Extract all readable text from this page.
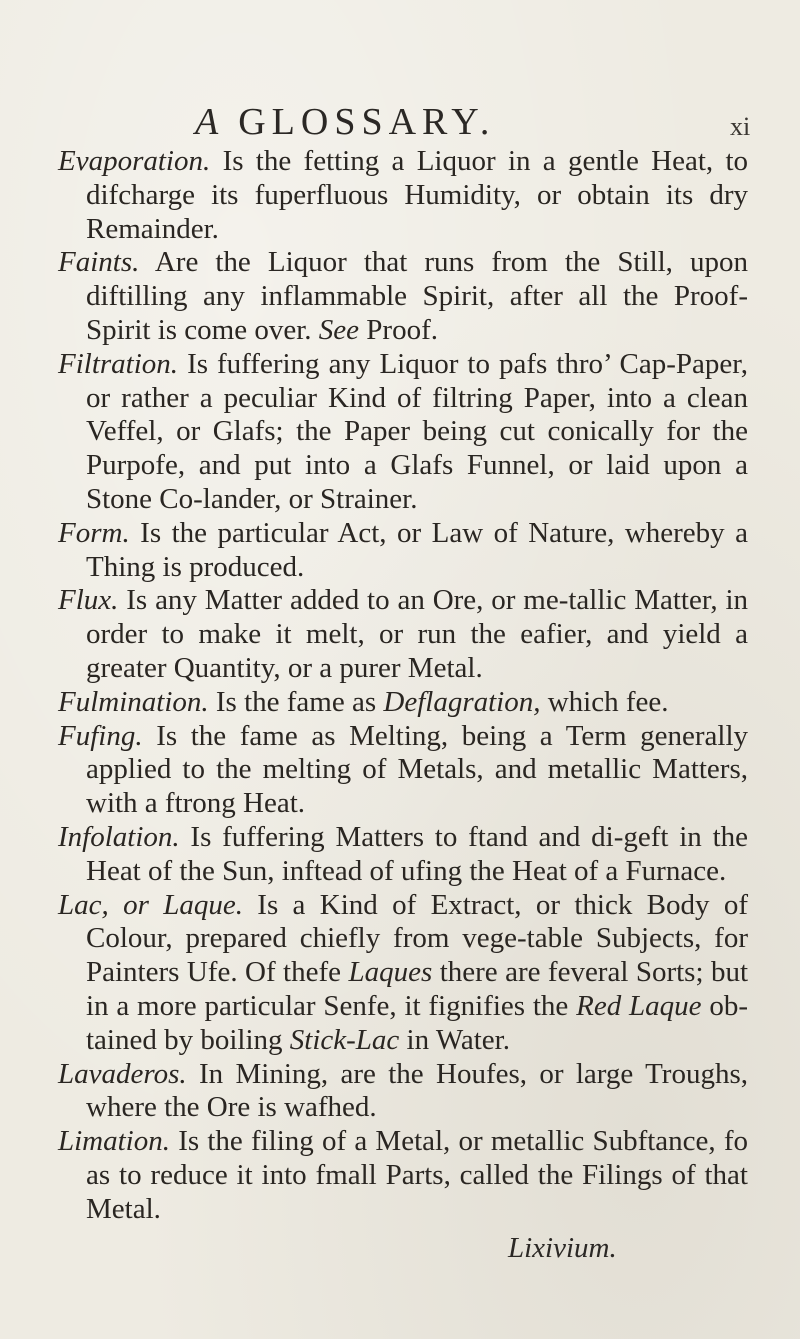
A GLOSSARY.	xi

Evaporation. Is the fetting a Liquor in a gentle Heat, to difcharge its fuperfluous Humidity, or obtain its dry Remainder.

Faints. Are the Liquor that runs from the Still, upon diftilling any inflammable Spirit, after all the Proof-Spirit is come over. See Proof.

Filtration. Is fuffering any Liquor to pafs thro’ Cap-Paper, or rather a peculiar Kind of filtring Paper, into a clean Veffel, or Glafs; the Paper being cut conically for the Purpofe, and put into a Glafs Funnel, or laid upon a Stone Co-lander, or Strainer.

Form. Is the particular Act, or Law of Nature, whereby a Thing is produced.

Flux. Is any Matter added to an Ore, or me-tallic Matter, in order to make it melt, or run the eafier, and yield a greater Quantity, or a purer Metal.

Fulmination. Is the fame as Deflagration, which fee.

Fufing. Is the fame as Melting, being a Term generally applied to the melting of Metals, and metallic Matters, with a ftrong Heat.

Infolation. Is fuffering Matters to ftand and di-geft in the Heat of the Sun, inftead of ufing the Heat of a Furnace.

Lac, or Laque. Is a Kind of Extract, or thick Body of Colour, prepared chiefly from vege-table Subjects, for Painters Ufe. Of thefe Laques there are feveral Sorts; but in a more particular Senfe, it fignifies the Red Laque ob-tained by boiling Stick-Lac in Water.

Lavaderos. In Mining, are the Houfes, or large Troughs, where the Ore is wafhed.

Limation. Is the filing of a Metal, or metallic Subftance, fo as to reduce it into fmall Parts, called the Filings of that Metal.

Lixivium.
